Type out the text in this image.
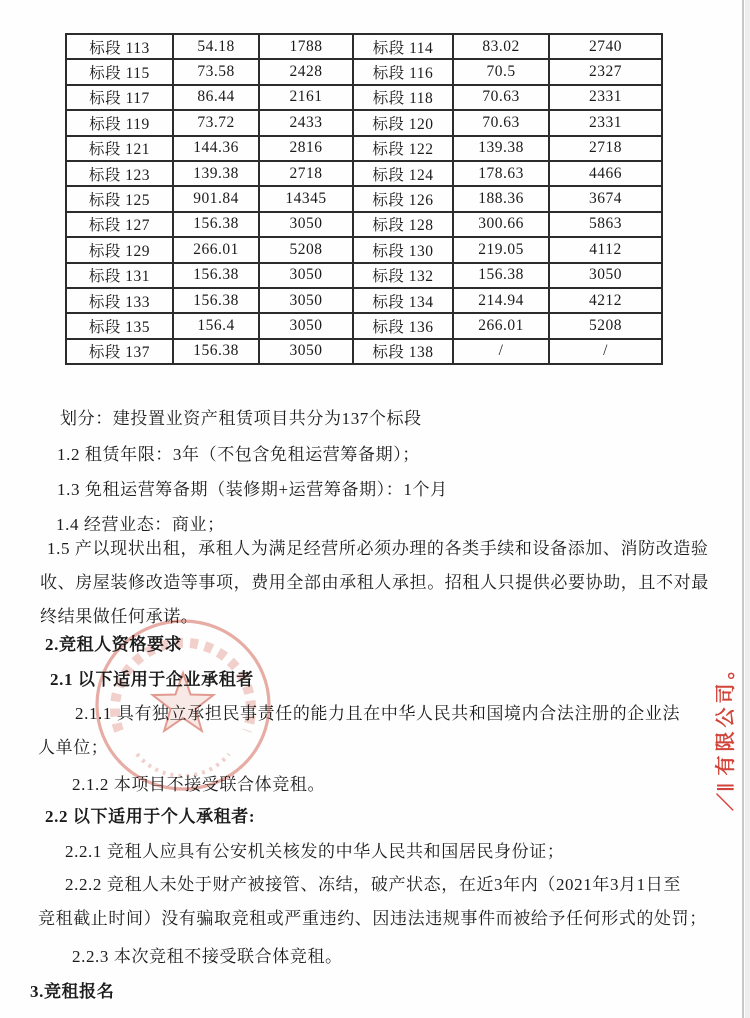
标段 113	54.18	1788	标段 114	83.02	2740
标段 115	73.58	2428	标段 116	70.5	2327
标段 117	86.44	2161	标段 118	70.63	2331
标段 119	73.72	2433	标段 120	70.63	2331
标段 121	144.36	2816	标段 122	139.38	2718
标段 123	139.38	2718	标段 124	178.63	4466
标段 125	901.84	14345	标段 126	188.36	3674
标段 127	156.38	3050	标段 128	300.66	5863
标段 129	266.01	5208	标段 130	219.05	4112
标段 131	156.38	3050	标段 132	156.38	3050
标段 133	156.38	3050	标段 134	214.94	4212
标段 135	156.4	3050	标段 136	266.01	5208
标段 137	156.38	3050	标段 138	/	/
划分：建投置业资产租赁项目共分为137个标段
1.2 租赁年限：3年（不包含免租运营筹备期）；
1.3 免租运营筹备期（装修期+运营筹备期）：1个月
1.4 经营业态：商业；
1.5 产以现状出租，承租人为满足经营所必须办理的各类手续和设备添加、消防改造验
收、房屋装修改造等事项，费用全部由承租人承担。招租人只提供必要协助，且不对最
终结果做任何承诺。
2.竞租人资格要求
2.1 以下适用于企业承租者
2.1.1 具有独立承担民事责任的能力且在中华人民共和国境内合法注册的企业法
人单位；
2.1.2 本项目不接受联合体竞租。
2.2 以下适用于个人承租者:
2.2.1 竞租人应具有公安机关核发的中华人民共和国居民身份证；
2.2.2 竞租人未处于财产被接管、冻结，破产状态，在近3年内（2021年3月1日至
竞租截止时间）没有骗取竞租或严重违约、因违法违规事件而被给予任何形式的处罚；
2.2.3 本次竞租不接受联合体竞租。
3.竞租报名
／∥有限公司。
